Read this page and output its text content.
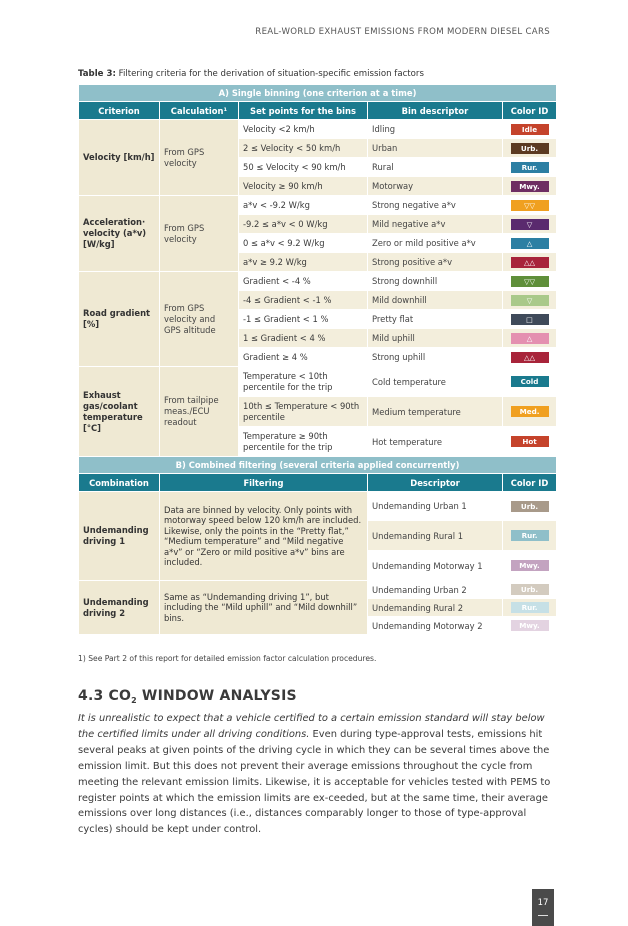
REAL-WORLD EXHAUST EMISSIONS FROM MODERN DIESEL CARS
Table 3: Filtering criteria for the derivation of situation-specific emission factors
A) Single binning (one criterion at a time)				
Criterion	Calculation¹	Set points for the bins	Bin descriptor	Color ID
Velocity [km/h]	From GPS velocity	Velocity <2 km/h	Idling	Idle
		2 ≤ Velocity < 50 km/h	Urban	Urb.
		50 ≤ Velocity < 90 km/h	Rural	Rur.
		Velocity ≥ 90 km/h	Motorway	Mwy.
Acceleration· velocity (a*v) [W/kg]	From GPS velocity	a*v < -9.2 W/kg	Strong negative a*v	▽▽
		-9.2 ≤ a*v < 0 W/kg	Mild negative a*v	▽
		0 ≤ a*v < 9.2 W/kg	Zero or mild positive a*v	△
		a*v ≥ 9.2 W/kg	Strong positive a*v	△△
Road gradient [%]	From GPS velocity and GPS altitude	Gradient < -4 %	Strong downhill	▽▽
		-4 ≤ Gradient < -1 %	Mild downhill	▽
		-1 ≤ Gradient < 1 %	Pretty flat	□
		1 ≤ Gradient < 4 %	Mild uphill	△
		Gradient ≥ 4 %	Strong uphill	△△
Exhaust gas/coolant temperature [°C]	From tailpipe meas./ECU readout	Temperature < 10th percentile for the trip	Cold temperature	Cold
		10th ≤ Temperature < 90th percentile	Medium temperature	Med.
		Temperature ≥ 90th percentile for the trip	Hot temperature	Hot
B) Combined filtering (several criteria applied concurrently)				
Combination	Filtering		Descriptor	Color ID
Undemanding driving 1	Data are binned by velocity. Only points with motorway speed below 120 km/h are included. Likewise, only the points in the “Pretty flat,” “Medium temperature” and “Mild negative a*v” or “Zero or mild positive a*v” bins are included.		Undemanding Urban 1	Urb.
			Undemanding Rural 1	Rur.
			Undemanding Motorway 1	Mwy.
Undemanding driving 2	Same as “Undemanding driving 1”, but including the “Mild uphill” and “Mild downhill” bins.		Undemanding Urban 2	Urb.
			Undemanding Rural 2	Rur.
			Undemanding Motorway 2	Mwy.
1) See Part 2 of this report for detailed emission factor calculation procedures.
4.3 $CO_2$ WINDOW ANALYSIS
It is unrealistic to expect that a vehicle certified to a certain emission standard will stay below the certified limits under all driving conditions. Even during type-approval tests, emissions hit several peaks at given points of the driving cycle in which they can be several times above the emission limit. But this does not prevent their average emissions throughout the cycle from meeting the relevant emission limits. Likewise, it is acceptable for vehicles tested with PEMS to register points at which the emission limits are ex-ceeded, but at the same time, their average emissions over long distances (i.e., distances comparably longer to those of type-approval cycles) should be kept under control.
17
